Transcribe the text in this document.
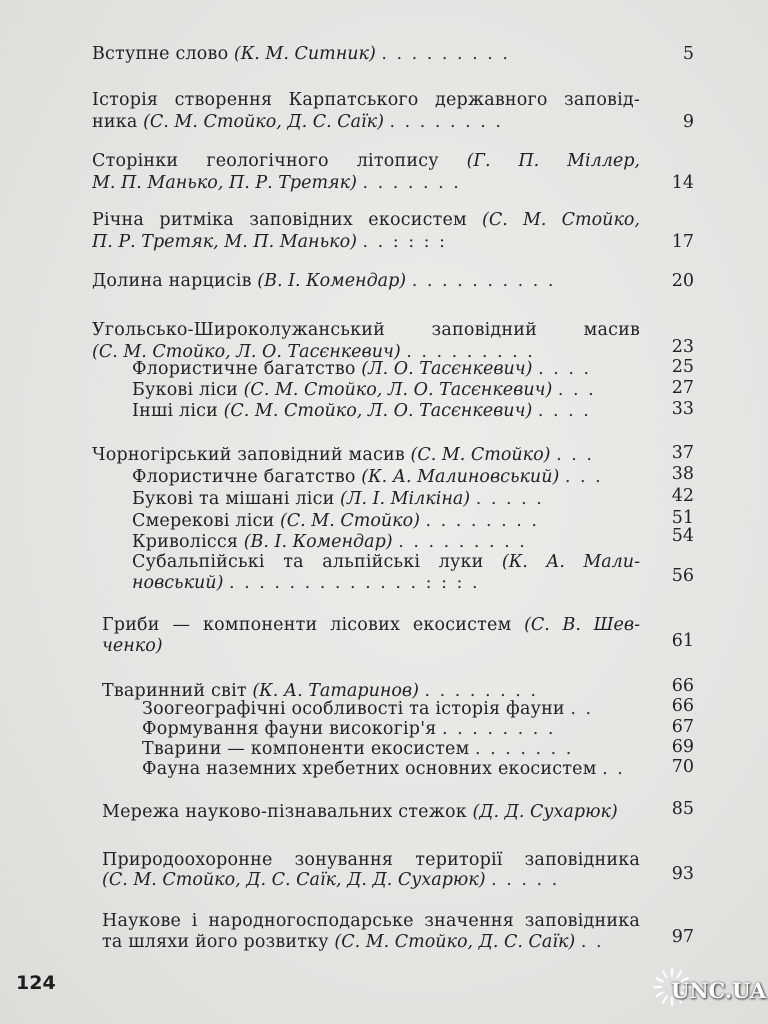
Вступне слово (К. М. Ситник) . . . . . . . . .	5
Історія створення Карпатського державного заповід-
ника (С. М. Стойко, Д. С. Саїк) . . . . . . . .	9
Сторінки геологічного літопису (Г. П. Міллер,
М. П. Манько, П. Р. Третяк) . . . . . . .	14
Річна ритміка заповідних екосистем (С. М. Стойко,
П. Р. Третяк, М. П. Манько) . . : : : :	17
Долина нарцисів (В. І. Комендар) . . . . . . . . . .	20
Угольсько-Широколужанський заповідний масив
(С. М. Стойко, Л. О. Тасєнкевич) . . . . . . . . .	23
Флористичне багатство (Л. О. Тасєнкевич) . . . .	25
Букові ліси (С. М. Стойко, Л. О. Тасєнкевич) . . .	27
Інші ліси (С. М. Стойко, Л. О. Тасєнкевич) . . . .	33
Чорногірський заповідний масив (С. М. Стойко) . . .	37
Флористичне багатство (К. А. Малиновський) . . .	38
Букові та мішані ліси (Л. І. Мілкіна) . . . . .	42
Смерекові ліси (С. М. Стойко) . . . . . . . .	51
Криволісся (В. І. Комендар) . . . . . . . . .	54
Субальпійські та альпійські луки (К. А. Мали-
новський) . . . . . . . . . . . . . : : : .	56
Гриби — компоненти лісових екосистем (С. В. Шев-
ченко)	61
Тваринний світ (К. А. Татаринов) . . . . . . . .	66
Зоогеографічні особливості та історія фауни . .	66
Формування фауни високогір'я . . . . . . . .	67
Тварини — компоненти екосистем . . . . . . .	69
Фауна наземних хребетних основних екосистем . .	70
Мережа науково-пізнавальних стежок (Д. Д. Сухарюк)	85
Природоохоронне зонування території заповідника
(С. М. Стойко, Д. С. Саїк, Д. Д. Сухарюк) . . . . .	93
Наукове і народногосподарське значення заповідника
та шляхи його розвитку (С. М. Стойко, Д. С. Саїк) . .	97
124	UNC.UA
